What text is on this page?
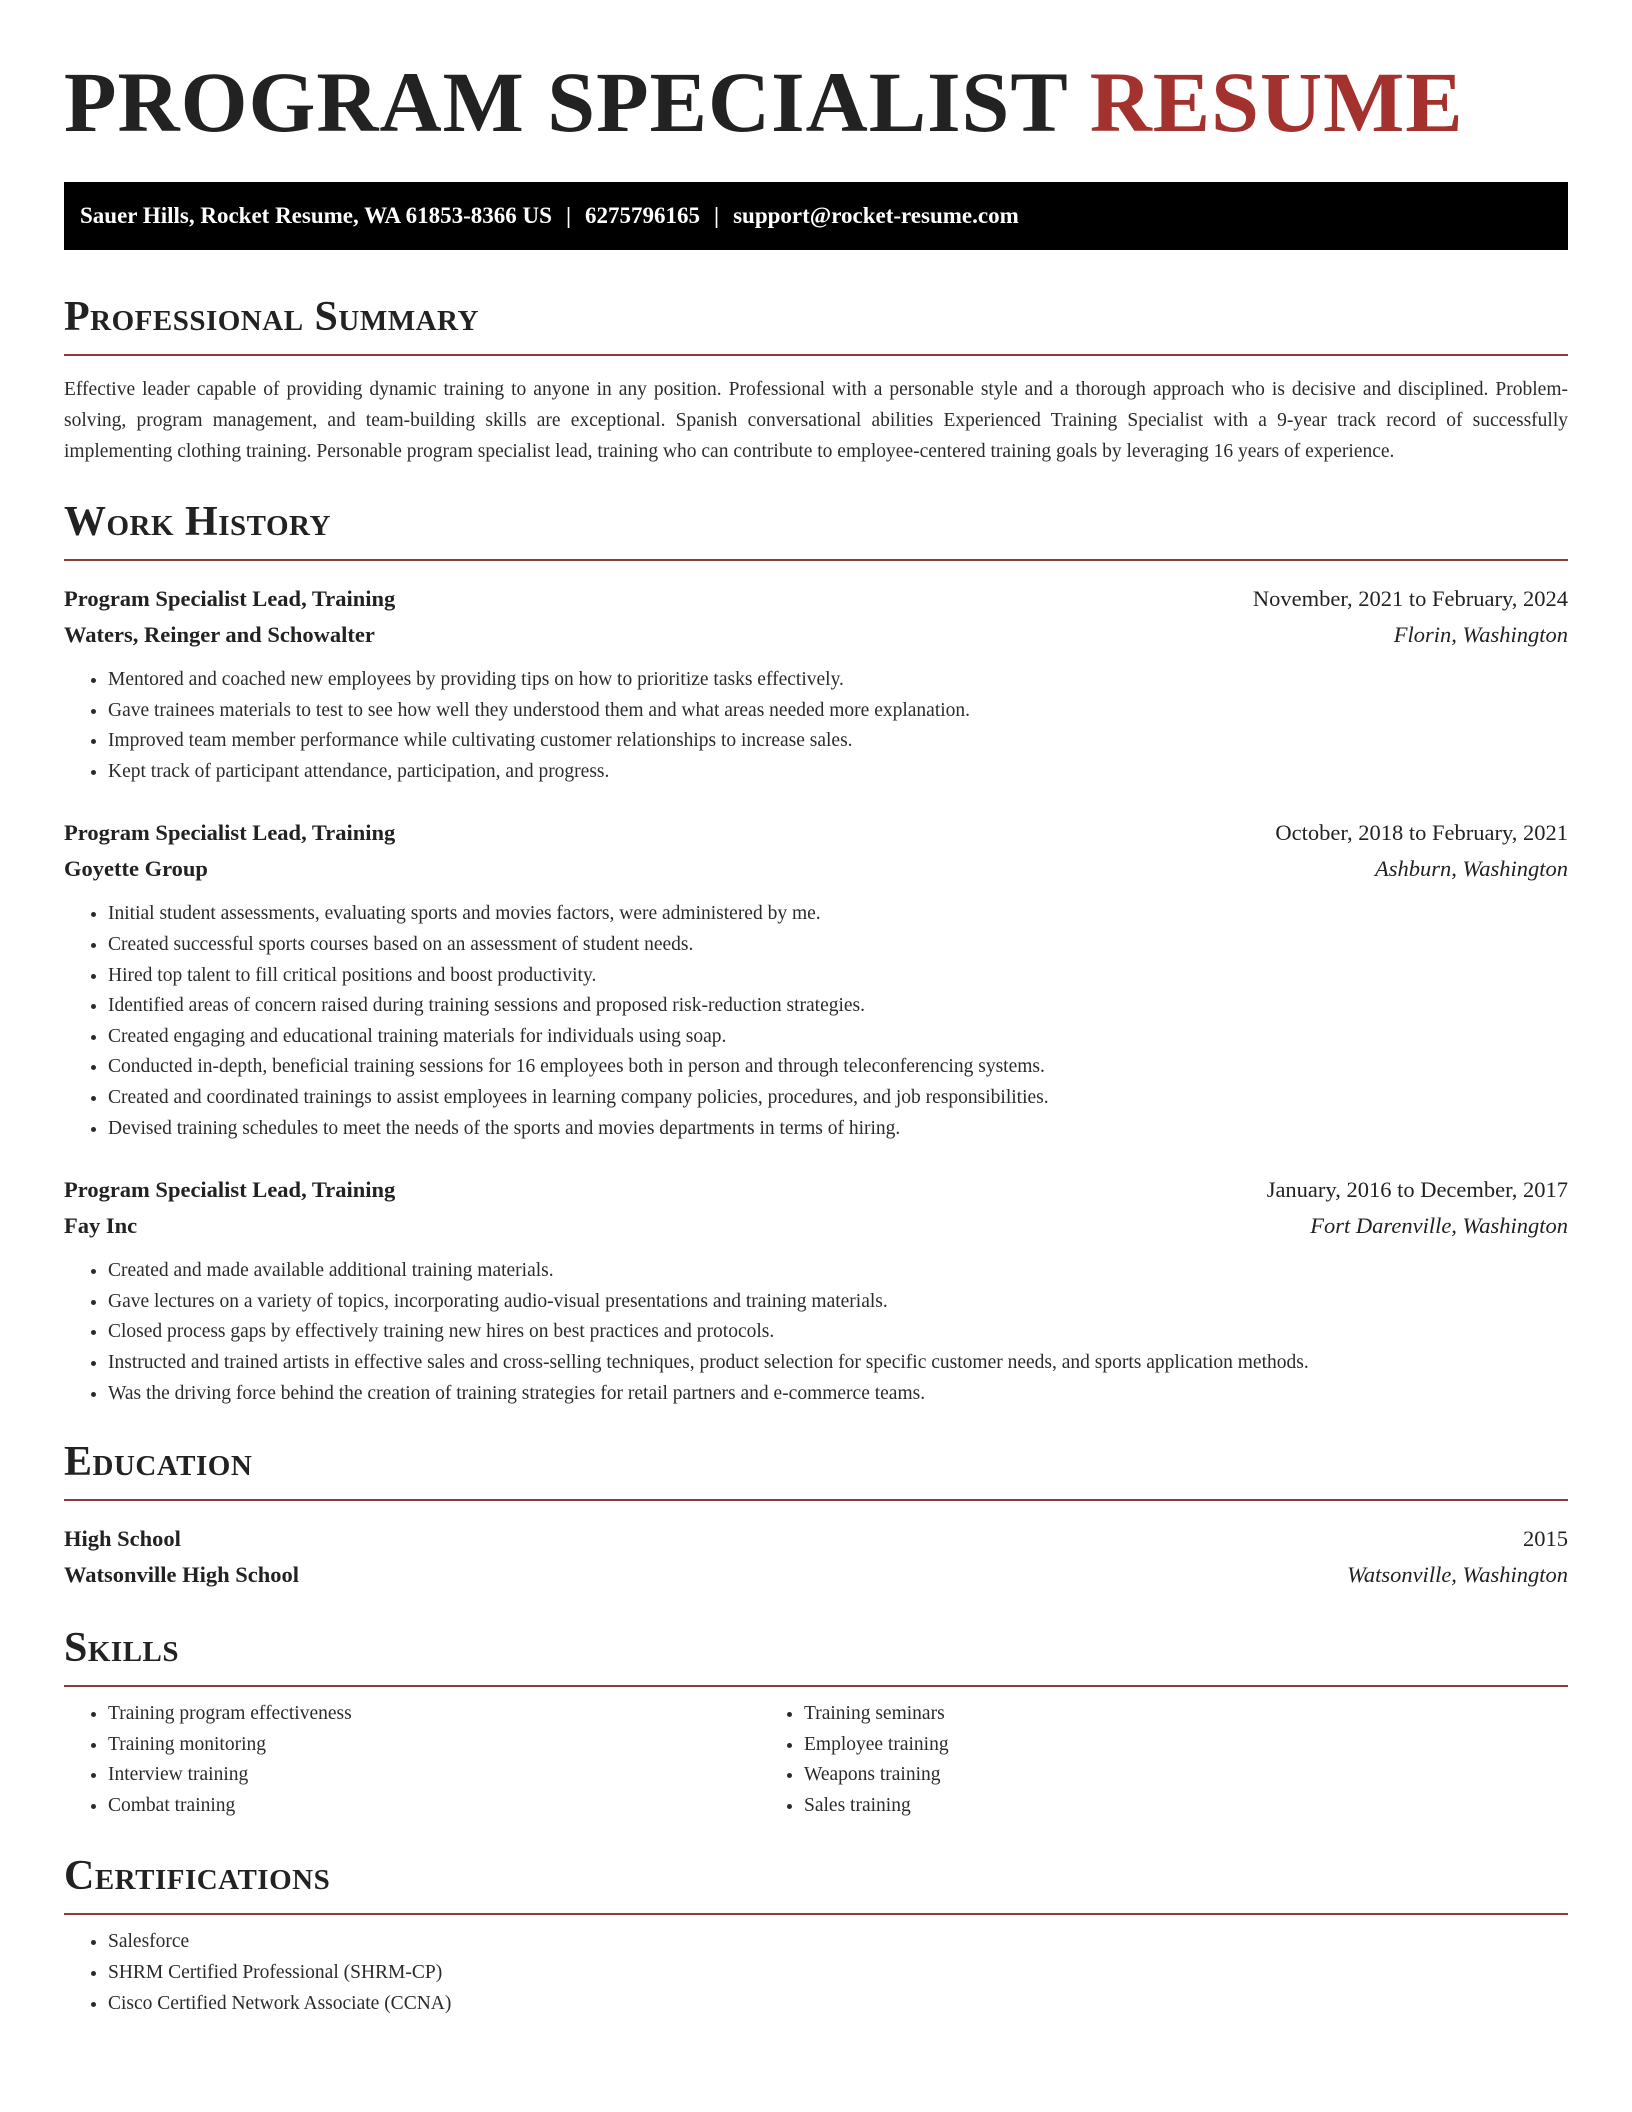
PROGRAM SPECIALIST RESUME
Sauer Hills, Rocket Resume, WA 61853-8366 US | 6275796165 | support@rocket-resume.com
Professional Summary

Effective leader capable of providing dynamic training to anyone in any position. Professional with a personable style and a thorough approach who is decisive and disciplined. Problem-solving, program management, and team-building skills are exceptional. Spanish conversational abilities Experienced Training Specialist with a 9-year track record of successfully implementing clothing training. Personable program specialist lead, training who can contribute to employee-centered training goals by leveraging 16 years of experience.

Work History
Program Specialist Lead, Training	November, 2021 to February, 2024
Waters, Reinger and Schowalter	Florin, Washington
• Mentored and coached new employees by providing tips on how to prioritize tasks effectively.
• Gave trainees materials to test to see how well they understood them and what areas needed more explanation.
• Improved team member performance while cultivating customer relationships to increase sales.
• Kept track of participant attendance, participation, and progress.
Program Specialist Lead, Training	October, 2018 to February, 2021
Goyette Group	Ashburn, Washington
• Initial student assessments, evaluating sports and movies factors, were administered by me.
• Created successful sports courses based on an assessment of student needs.
• Hired top talent to fill critical positions and boost productivity.
• Identified areas of concern raised during training sessions and proposed risk-reduction strategies.
• Created engaging and educational training materials for individuals using soap.
• Conducted in-depth, beneficial training sessions for 16 employees both in person and through teleconferencing systems.
• Created and coordinated trainings to assist employees in learning company policies, procedures, and job responsibilities.
• Devised training schedules to meet the needs of the sports and movies departments in terms of hiring.
Program Specialist Lead, Training	January, 2016 to December, 2017
Fay Inc	Fort Darenville, Washington
• Created and made available additional training materials.
• Gave lectures on a variety of topics, incorporating audio-visual presentations and training materials.
• Closed process gaps by effectively training new hires on best practices and protocols.
• Instructed and trained artists in effective sales and cross-selling techniques, product selection for specific customer needs, and sports application methods.
• Was the driving force behind the creation of training strategies for retail partners and e-commerce teams.
Education
High School	2015
Watsonville High School	Watsonville, Washington
Skills
• Training program effectiveness
• Training monitoring
• Interview training
• Combat training
• Training seminars
• Employee training
• Weapons training
• Sales training
Certifications
• Salesforce
• SHRM Certified Professional (SHRM-CP)
• Cisco Certified Network Associate (CCNA)
